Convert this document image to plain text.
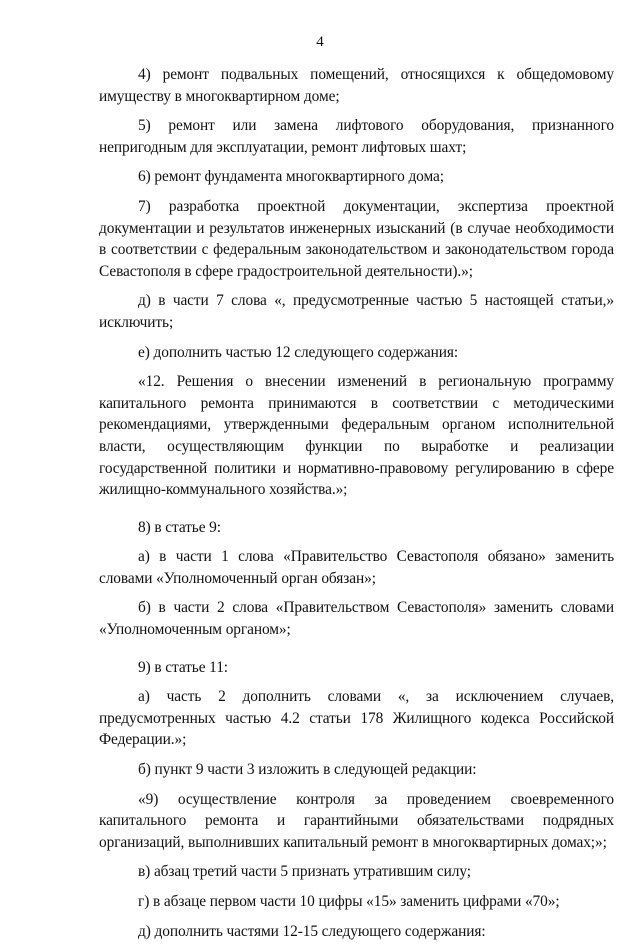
4

4) ремонт подвальных помещений, относящихся к общедомовому имуществу в многоквартирном доме;

5) ремонт или замена лифтового оборудования, признанного непригодным для эксплуатации, ремонт лифтовых шахт;

6) ремонт фундамента многоквартирного дома;

7) разработка проектной документации, экспертиза проектной документации и результатов инженерных изысканий (в случае необходимости в соответствии с федеральным законодательством и законодательством города Севастополя в сфере градостроительной деятельности).»;

д) в части 7 слова «, предусмотренные частью 5 настоящей статьи,» исключить;

е) дополнить частью 12 следующего содержания:

«12. Решения о внесении изменений в региональную программу капитального ремонта принимаются в соответствии с методическими рекомендациями, утвержденными федеральным органом исполнительной власти, осуществляющим функции по выработке и реализации государственной политики и нормативно-правовому регулированию в сфере жилищно-коммунального хозяйства.»;

8) в статье 9:

а) в части 1 слова «Правительство Севастополя обязано» заменить словами «Уполномоченный орган обязан»;

б) в части 2 слова «Правительством Севастополя» заменить словами «Уполномоченным органом»;

9) в статье 11:

а) часть 2 дополнить словами «, за исключением случаев, предусмотренных частью 4.2 статьи 178 Жилищного кодекса Российской Федерации.»;

б) пункт 9 части 3 изложить в следующей редакции:

«9) осуществление контроля за проведением своевременного капитального ремонта и гарантийными обязательствами подрядных организаций, выполнивших капитальный ремонт в многоквартирных домах;»;

в) абзац третий части 5 признать утратившим силу;

г) в абзаце первом части 10 цифры «15» заменить цифрами «70»;

д) дополнить частями 12-15 следующего содержания:
